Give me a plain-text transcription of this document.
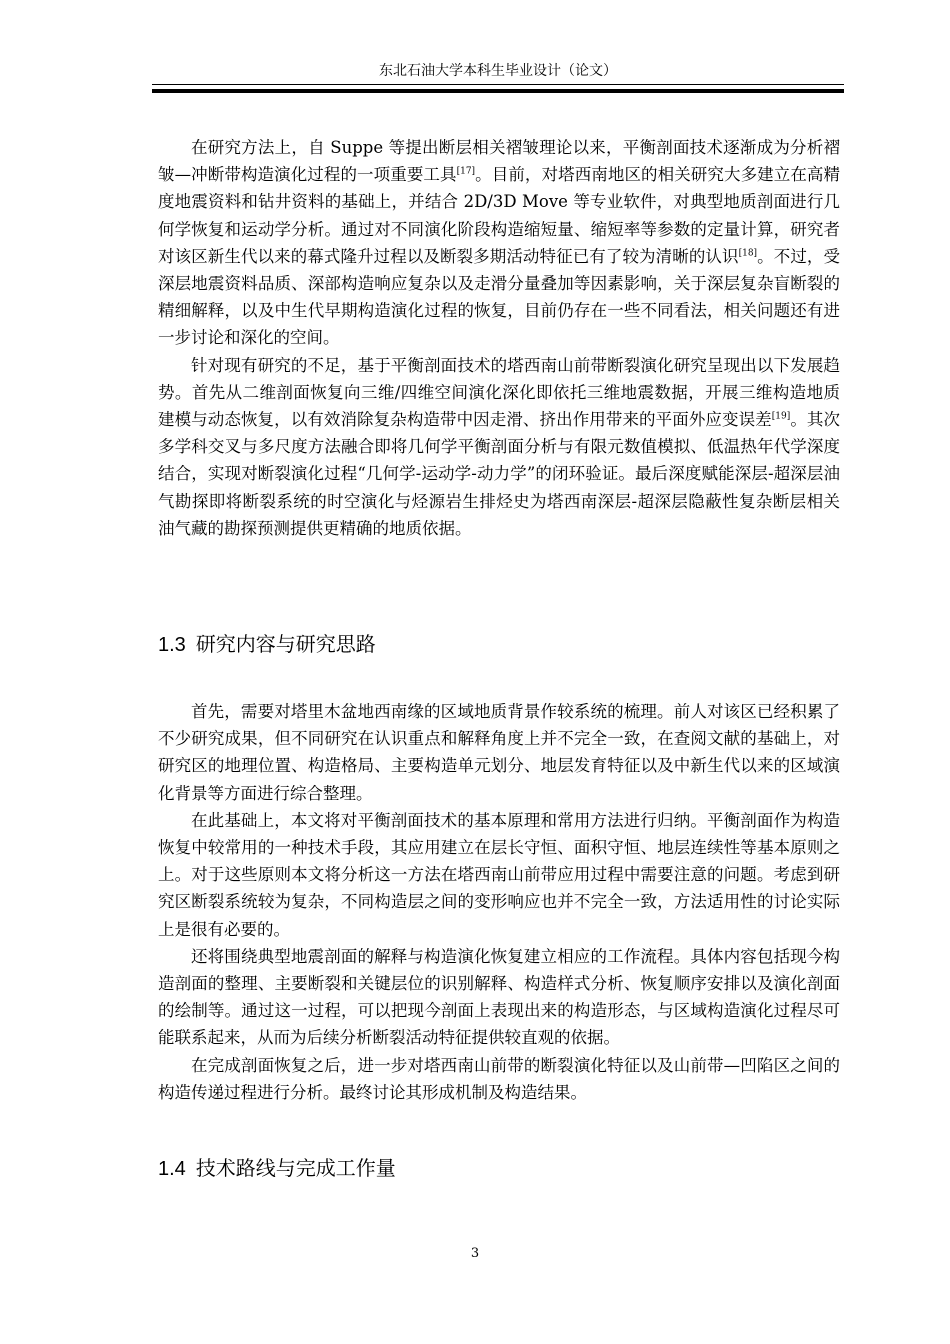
东北石油大学本科生毕业设计（论文）

在研究方法上，自 Suppe 等提出断层相关褶皱理论以来，平衡剖面技术逐渐成为分析褶皱—冲断带构造演化过程的一项重要工具[17]。目前，对塔西南地区的相关研究大多建立在高精度地震资料和钻井资料的基础上，并结合 2D/3D Move 等专业软件，对典型地质剖面进行几何学恢复和运动学分析。通过对不同演化阶段构造缩短量、缩短率等参数的定量计算，研究者对该区新生代以来的幕式隆升过程以及断裂多期活动特征已有了较为清晰的认识[18]。不过，受深层地震资料品质、深部构造响应复杂以及走滑分量叠加等因素影响，关于深层复杂盲断裂的精细解释，以及中生代早期构造演化过程的恢复，目前仍存在一些不同看法，相关问题还有进一步讨论和深化的空间。

针对现有研究的不足，基于平衡剖面技术的塔西南山前带断裂演化研究呈现出以下发展趋势。首先从二维剖面恢复向三维/四维空间演化深化即依托三维地震数据，开展三维构造地质建模与动态恢复，以有效消除复杂构造带中因走滑、挤出作用带来的平面外应变误差[19]。其次多学科交叉与多尺度方法融合即将几何学平衡剖面分析与有限元数值模拟、低温热年代学深度结合，实现对断裂演化过程“几何学-运动学-动力学”的闭环验证。最后深度赋能深层-超深层油气勘探即将断裂系统的时空演化与烃源岩生排烃史为塔西南深层-超深层隐蔽性复杂断层相关油气藏的勘探预测提供更精确的地质依据。

1.3 研究内容与研究思路

首先，需要对塔里木盆地西南缘的区域地质背景作较系统的梳理。前人对该区已经积累了不少研究成果，但不同研究在认识重点和解释角度上并不完全一致，在查阅文献的基础上，对研究区的地理位置、构造格局、主要构造单元划分、地层发育特征以及中新生代以来的区域演化背景等方面进行综合整理。

在此基础上，本文将对平衡剖面技术的基本原理和常用方法进行归纳。平衡剖面作为构造恢复中较常用的一种技术手段，其应用建立在层长守恒、面积守恒、地层连续性等基本原则之上。对于这些原则本文将分析这一方法在塔西南山前带应用过程中需要注意的问题。考虑到研究区断裂系统较为复杂，不同构造层之间的变形响应也并不完全一致，方法适用性的讨论实际上是很有必要的。

还将围绕典型地震剖面的解释与构造演化恢复建立相应的工作流程。具体内容包括现今构造剖面的整理、主要断裂和关键层位的识别解释、构造样式分析、恢复顺序安排以及演化剖面的绘制等。通过这一过程，可以把现今剖面上表现出来的构造形态，与区域构造演化过程尽可能联系起来，从而为后续分析断裂活动特征提供较直观的依据。

在完成剖面恢复之后，进一步对塔西南山前带的断裂演化特征以及山前带—凹陷区之间的构造传递过程进行分析。最终讨论其形成机制及构造结果。

1.4 技术路线与完成工作量
3
